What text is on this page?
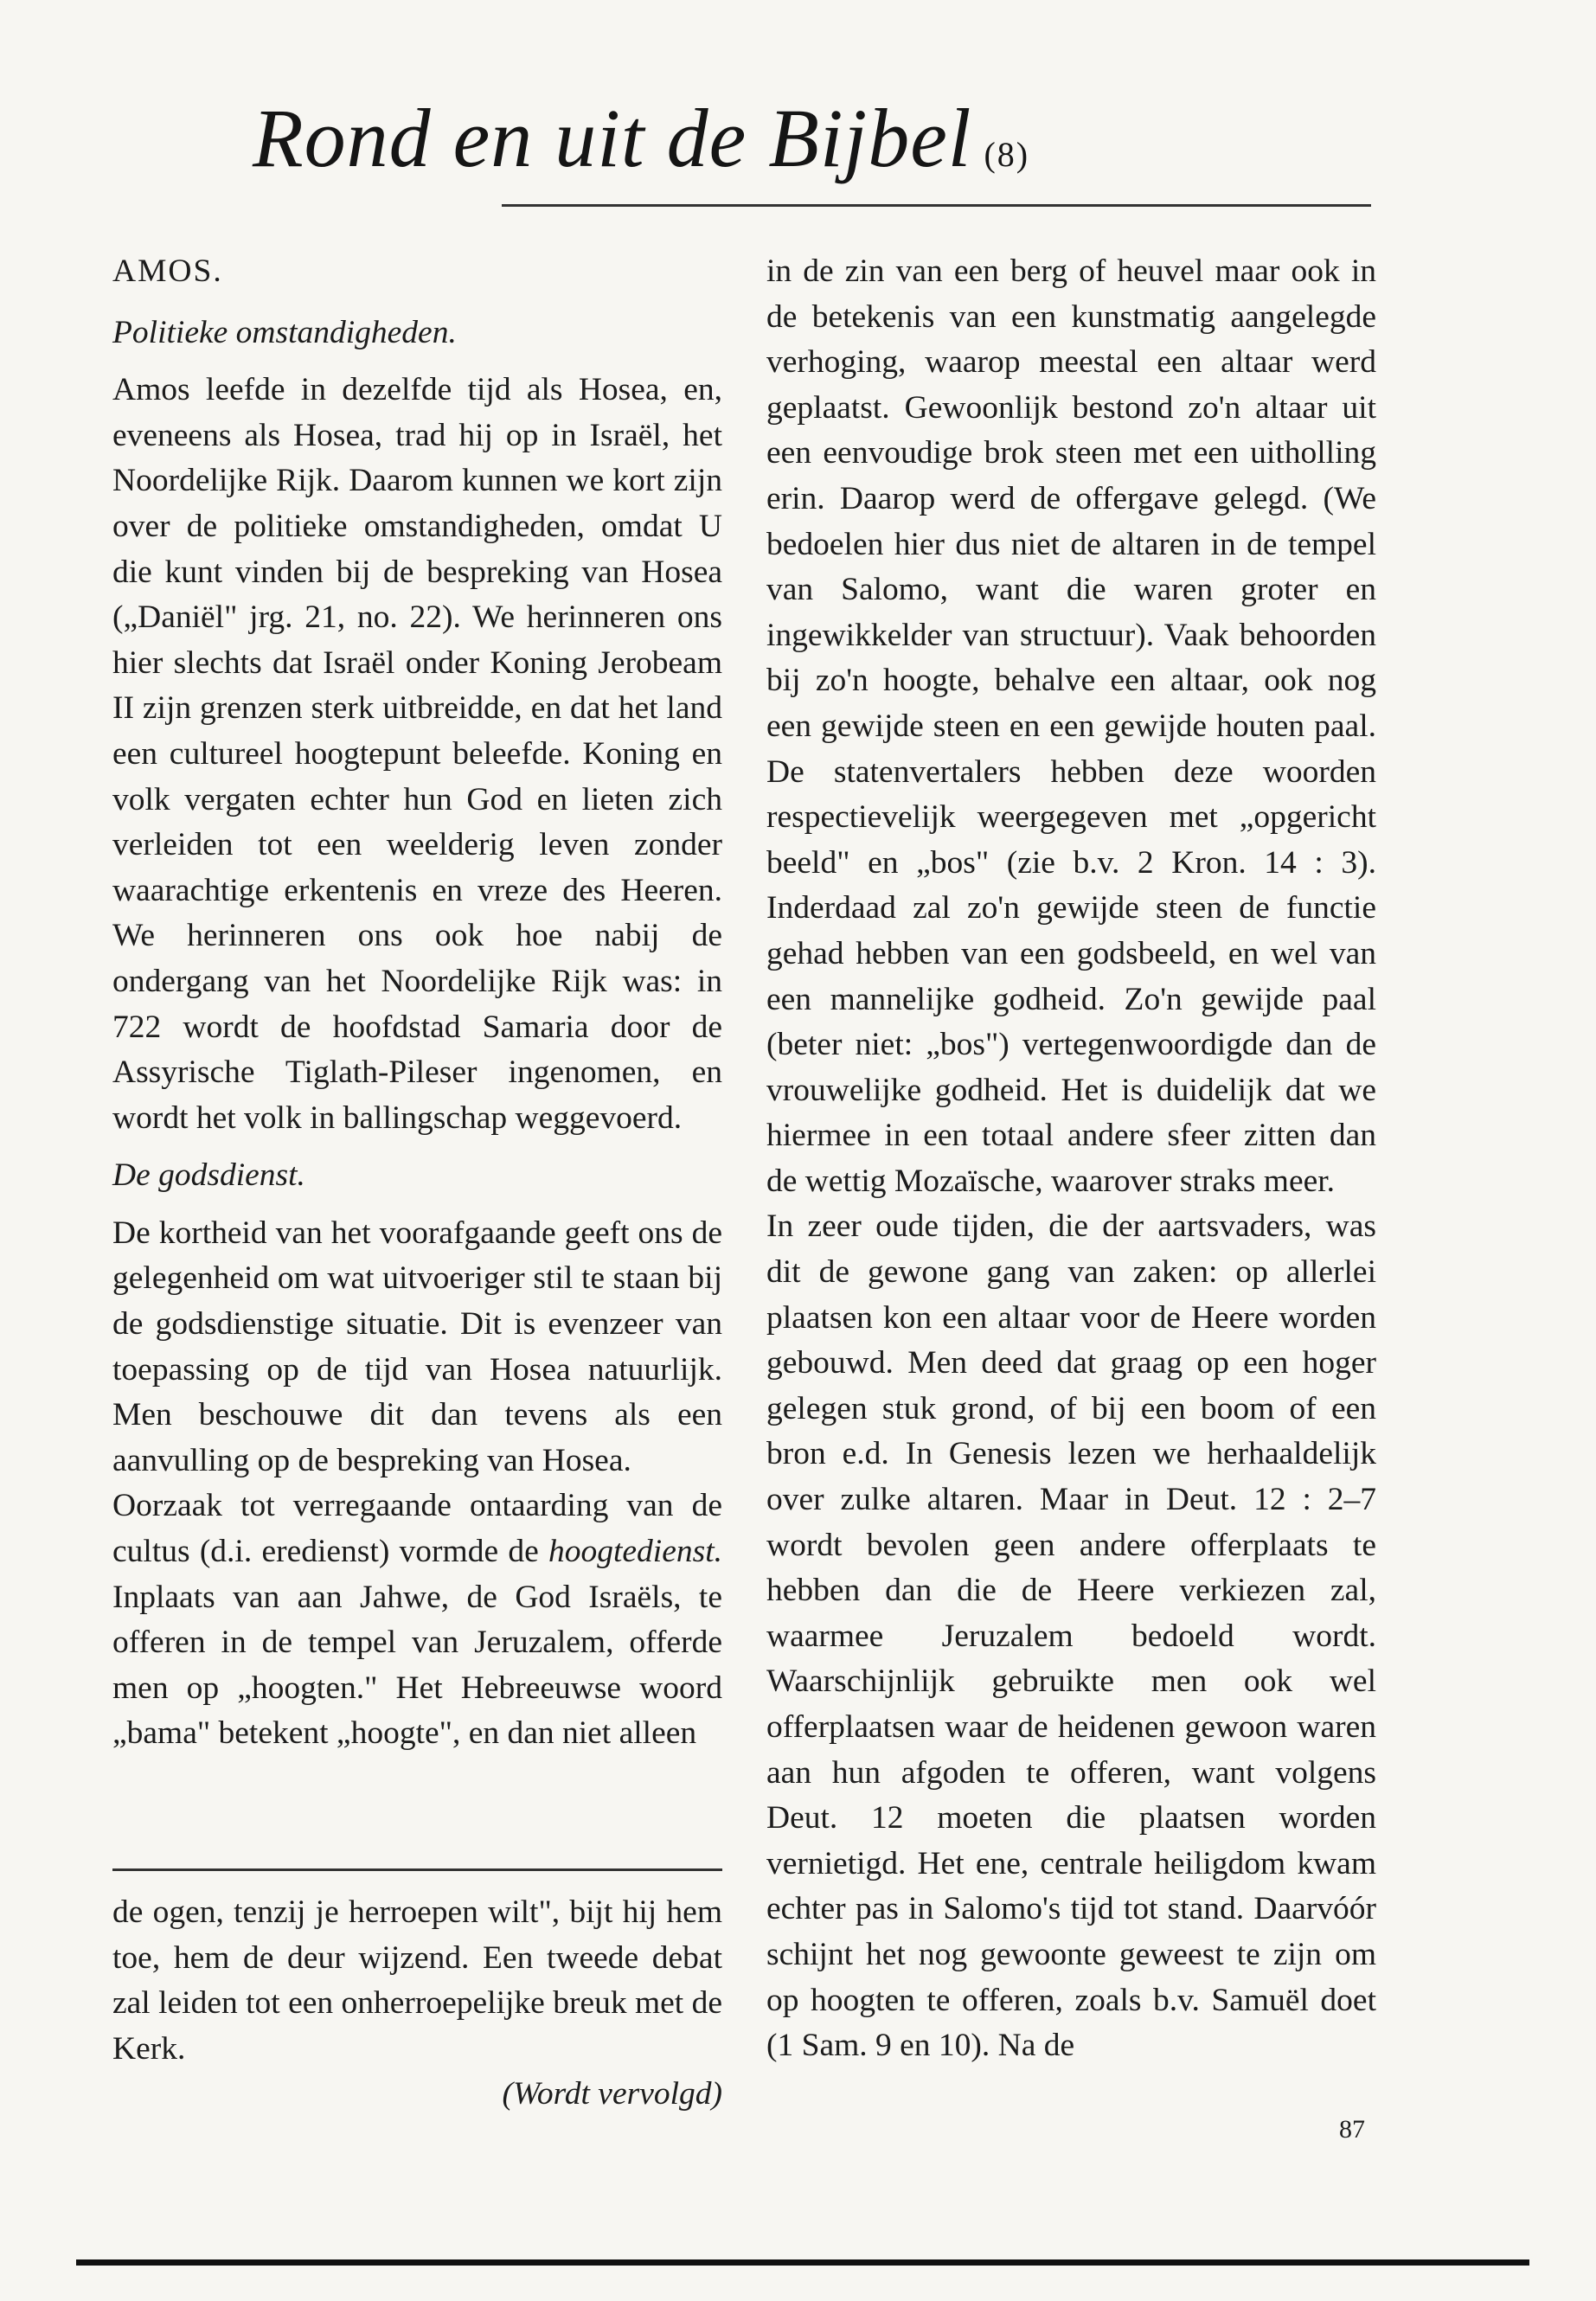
Rond en uit de Bijbel (8)

AMOS.

Politieke omstandigheden.

Amos leefde in dezelfde tijd als Hosea, en, eveneens als Hosea, trad hij op in Israël, het Noordelijke Rijk. Daarom kunnen we kort zijn over de politieke omstandigheden, omdat U die kunt vinden bij de bespreking van Hosea („Daniël" jrg. 21, no. 22). We herinneren ons hier slechts dat Israël onder Koning Jerobeam II zijn grenzen sterk uitbreidde, en dat het land een cultureel hoogtepunt beleefde. Koning en volk vergaten echter hun God en lieten zich verleiden tot een weelderig leven zonder waarachtige erkentenis en vreze des Heeren. We herinneren ons ook hoe nabij de ondergang van het Noordelijke Rijk was: in 722 wordt de hoofdstad Samaria door de Assyrische Tiglath-Pileser ingenomen, en wordt het volk in ballingschap weggevoerd.

De godsdienst.

De kortheid van het voorafgaande geeft ons de gelegenheid om wat uitvoeriger stil te staan bij de godsdienstige situatie. Dit is evenzeer van toepassing op de tijd van Hosea natuurlijk. Men beschouwe dit dan tevens als een aanvulling op de bespreking van Hosea.

Oorzaak tot verregaande ontaarding van de cultus (d.i. eredienst) vormde de hoogtedienst. Inplaats van aan Jahwe, de God Israëls, te offeren in de tempel van Jeruzalem, offerde men op „hoogten." Het Hebreeuwse woord „bama" betekent „hoogte", en dan niet alleen

de ogen, tenzij je herroepen wilt", bijt hij hem toe, hem de deur wijzend. Een tweede debat zal leiden tot een onherroepelijke breuk met de Kerk.

(Wordt vervolgd)

in de zin van een berg of heuvel maar ook in de betekenis van een kunstmatig aangelegde verhoging, waarop meestal een altaar werd geplaatst. Gewoonlijk bestond zo'n altaar uit een eenvoudige brok steen met een uitholling erin. Daarop werd de offergave gelegd. (We bedoelen hier dus niet de altaren in de tempel van Salomo, want die waren groter en ingewikkelder van structuur). Vaak behoorden bij zo'n hoogte, behalve een altaar, ook nog een gewijde steen en een gewijde houten paal. De statenvertalers hebben deze woorden respectievelijk weergegeven met „opgericht beeld" en „bos" (zie b.v. 2 Kron. 14 : 3). Inderdaad zal zo'n gewijde steen de functie gehad hebben van een godsbeeld, en wel van een mannelijke godheid. Zo'n gewijde paal (beter niet: „bos") vertegenwoordigde dan de vrouwelijke godheid. Het is duidelijk dat we hiermee in een totaal andere sfeer zitten dan de wettig Mozaïsche, waarover straks meer.

In zeer oude tijden, die der aartsvaders, was dit de gewone gang van zaken: op allerlei plaatsen kon een altaar voor de Heere worden gebouwd. Men deed dat graag op een hoger gelegen stuk grond, of bij een boom of een bron e.d. In Genesis lezen we herhaaldelijk over zulke altaren. Maar in Deut. 12 : 2–7 wordt bevolen geen andere offerplaats te hebben dan die de Heere verkiezen zal, waarmee Jeruzalem bedoeld wordt. Waarschijnlijk gebruikte men ook wel offerplaatsen waar de heidenen gewoon waren aan hun afgoden te offeren, want volgens Deut. 12 moeten die plaatsen worden vernietigd. Het ene, centrale heiligdom kwam echter pas in Salomo's tijd tot stand. Daarvóór schijnt het nog gewoonte geweest te zijn om op hoogten te offeren, zoals b.v. Samuël doet (1 Sam. 9 en 10). Na de

87
